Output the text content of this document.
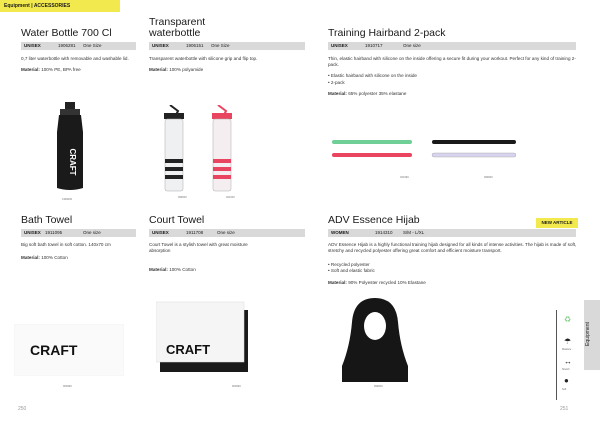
Equipment | ACCESSORIES
Water Bottle 700 Cl
UNISEX	1906281 One Size
0,7 liter waterbottle with removable and washable lid.
Material: 100% PE, BPA free
CRAFT
1999000
Transparent
waterbottle
UNISEX	1906151 One Size
Transparent waterbottle with silicone grip and flip top.
Material: 100% polyamide
999000	461000
Training Hairband 2-pack
UNISEX	1910717	One size
Thin, elastic hairband with silicone on the inside offering a secure fit during your workout. Perfect for any kind of training 2-pack.
• Elastic hairband with silicone on the inside
• 2-pack
Material: 65% polyester 35% elastane
461999	999900
Bath Towel
UNISEX 1911095	One size
Big soft bath towel in soft cotton. 140x70 cm
Material: 100% Cotton
CRAFT
900999
Court Towel
UNISEX	1911708	One size
Court Towel is a stylish towel with great moisture absorption
Material: 100% Cotton
CRAFT
900999
ADV Essence Hijab	NEW ARTICLE
WOMEN	1914310 S/M - L/XL
ADV Essence Hijab is a highly functional training hijab designed for all kinds of intense activities. The hijab is made of soft, stretchy and recycled polyester offering great comfort and efficient moisture transport.
• Recycled polyester
• Soft and elastic fabric
Material: 90% Polyester recycled 10% Elastane
999000
♻
☂
Moisture
↔
Stretch
●
Soft
Equipment
250	251
